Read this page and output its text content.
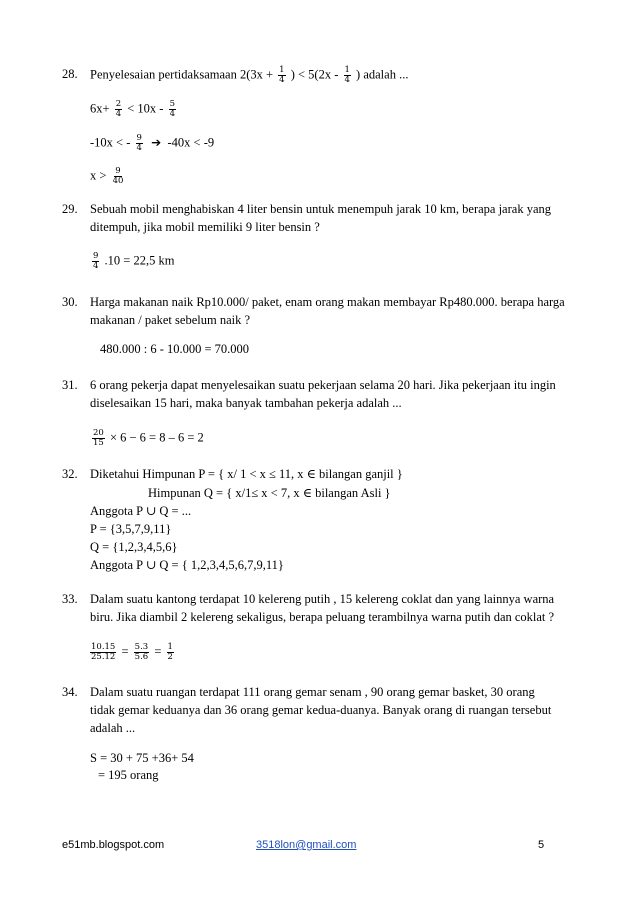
28. Penyelesaian pertidaksamaan $2(3x + \frac{1}{4}$ ) < $5(2x - \frac{1}{4}$ ) adalah ...
$6x+ \frac{2}{4} < 10x - \frac{5}{4}$
-10x < - $\frac{9}{4}$ ➔ -40x < -9
$x > \frac{9}{40}$
29. Sebuah mobil menghabiskan 4 liter bensin untuk menempuh jarak 10 km, berapa jarak yang
ditempuh, jika mobil memiliki 9 liter bensin ?
$\frac{9}{4} .10 = 22,5$ km
30. Harga makanan naik Rp10.000/ paket, enam orang makan membayar Rp480.000. berapa harga
makanan / paket sebelum naik ?
480.000 : 6 - 10.000 = 70.000
31. 6 orang pekerja dapat menyelesaikan suatu pekerjaan selama 20 hari. Jika pekerjaan itu ingin
diselesaikan 15 hari, maka banyak tambahan pekerja adalah ...
$\frac{20}{15} \times 6 - 6 = 8 - 6 = 2$
32. Diketahui Himpunan P = { x/ 1 < x ≤ 11, x ∈ bilangan ganjil }
Himpunan Q = { x/1≤ x < 7, x ∈ bilangan Asli }
Anggota P ∪ Q = ...
P = {3,5,7,9,11}
Q = {1,2,3,4,5,6}
Anggota P ∪ Q = { 1,2,3,4,5,6,7,9,11}
33. Dalam suatu kantong terdapat 10 kelereng putih , 15 kelereng coklat dan yang lainnya warna
biru. Jika diambil 2 kelereng sekaligus, berapa peluang terambilnya warna putih dan coklat ?
$\frac{10.15}{25.12} = \frac{5.3}{5.6} = \frac{1}{2}$
34. Dalam suatu ruangan terdapat 111 orang gemar senam , 90 orang gemar basket, 30 orang
tidak gemar keduanya dan 36 orang gemar kedua-duanya. Banyak orang di ruangan tersebut
adalah ...
S = 30 + 75 +36+ 54
= 195 orang
e51mb.blogspot.com	3518lon@gmail.com	5
